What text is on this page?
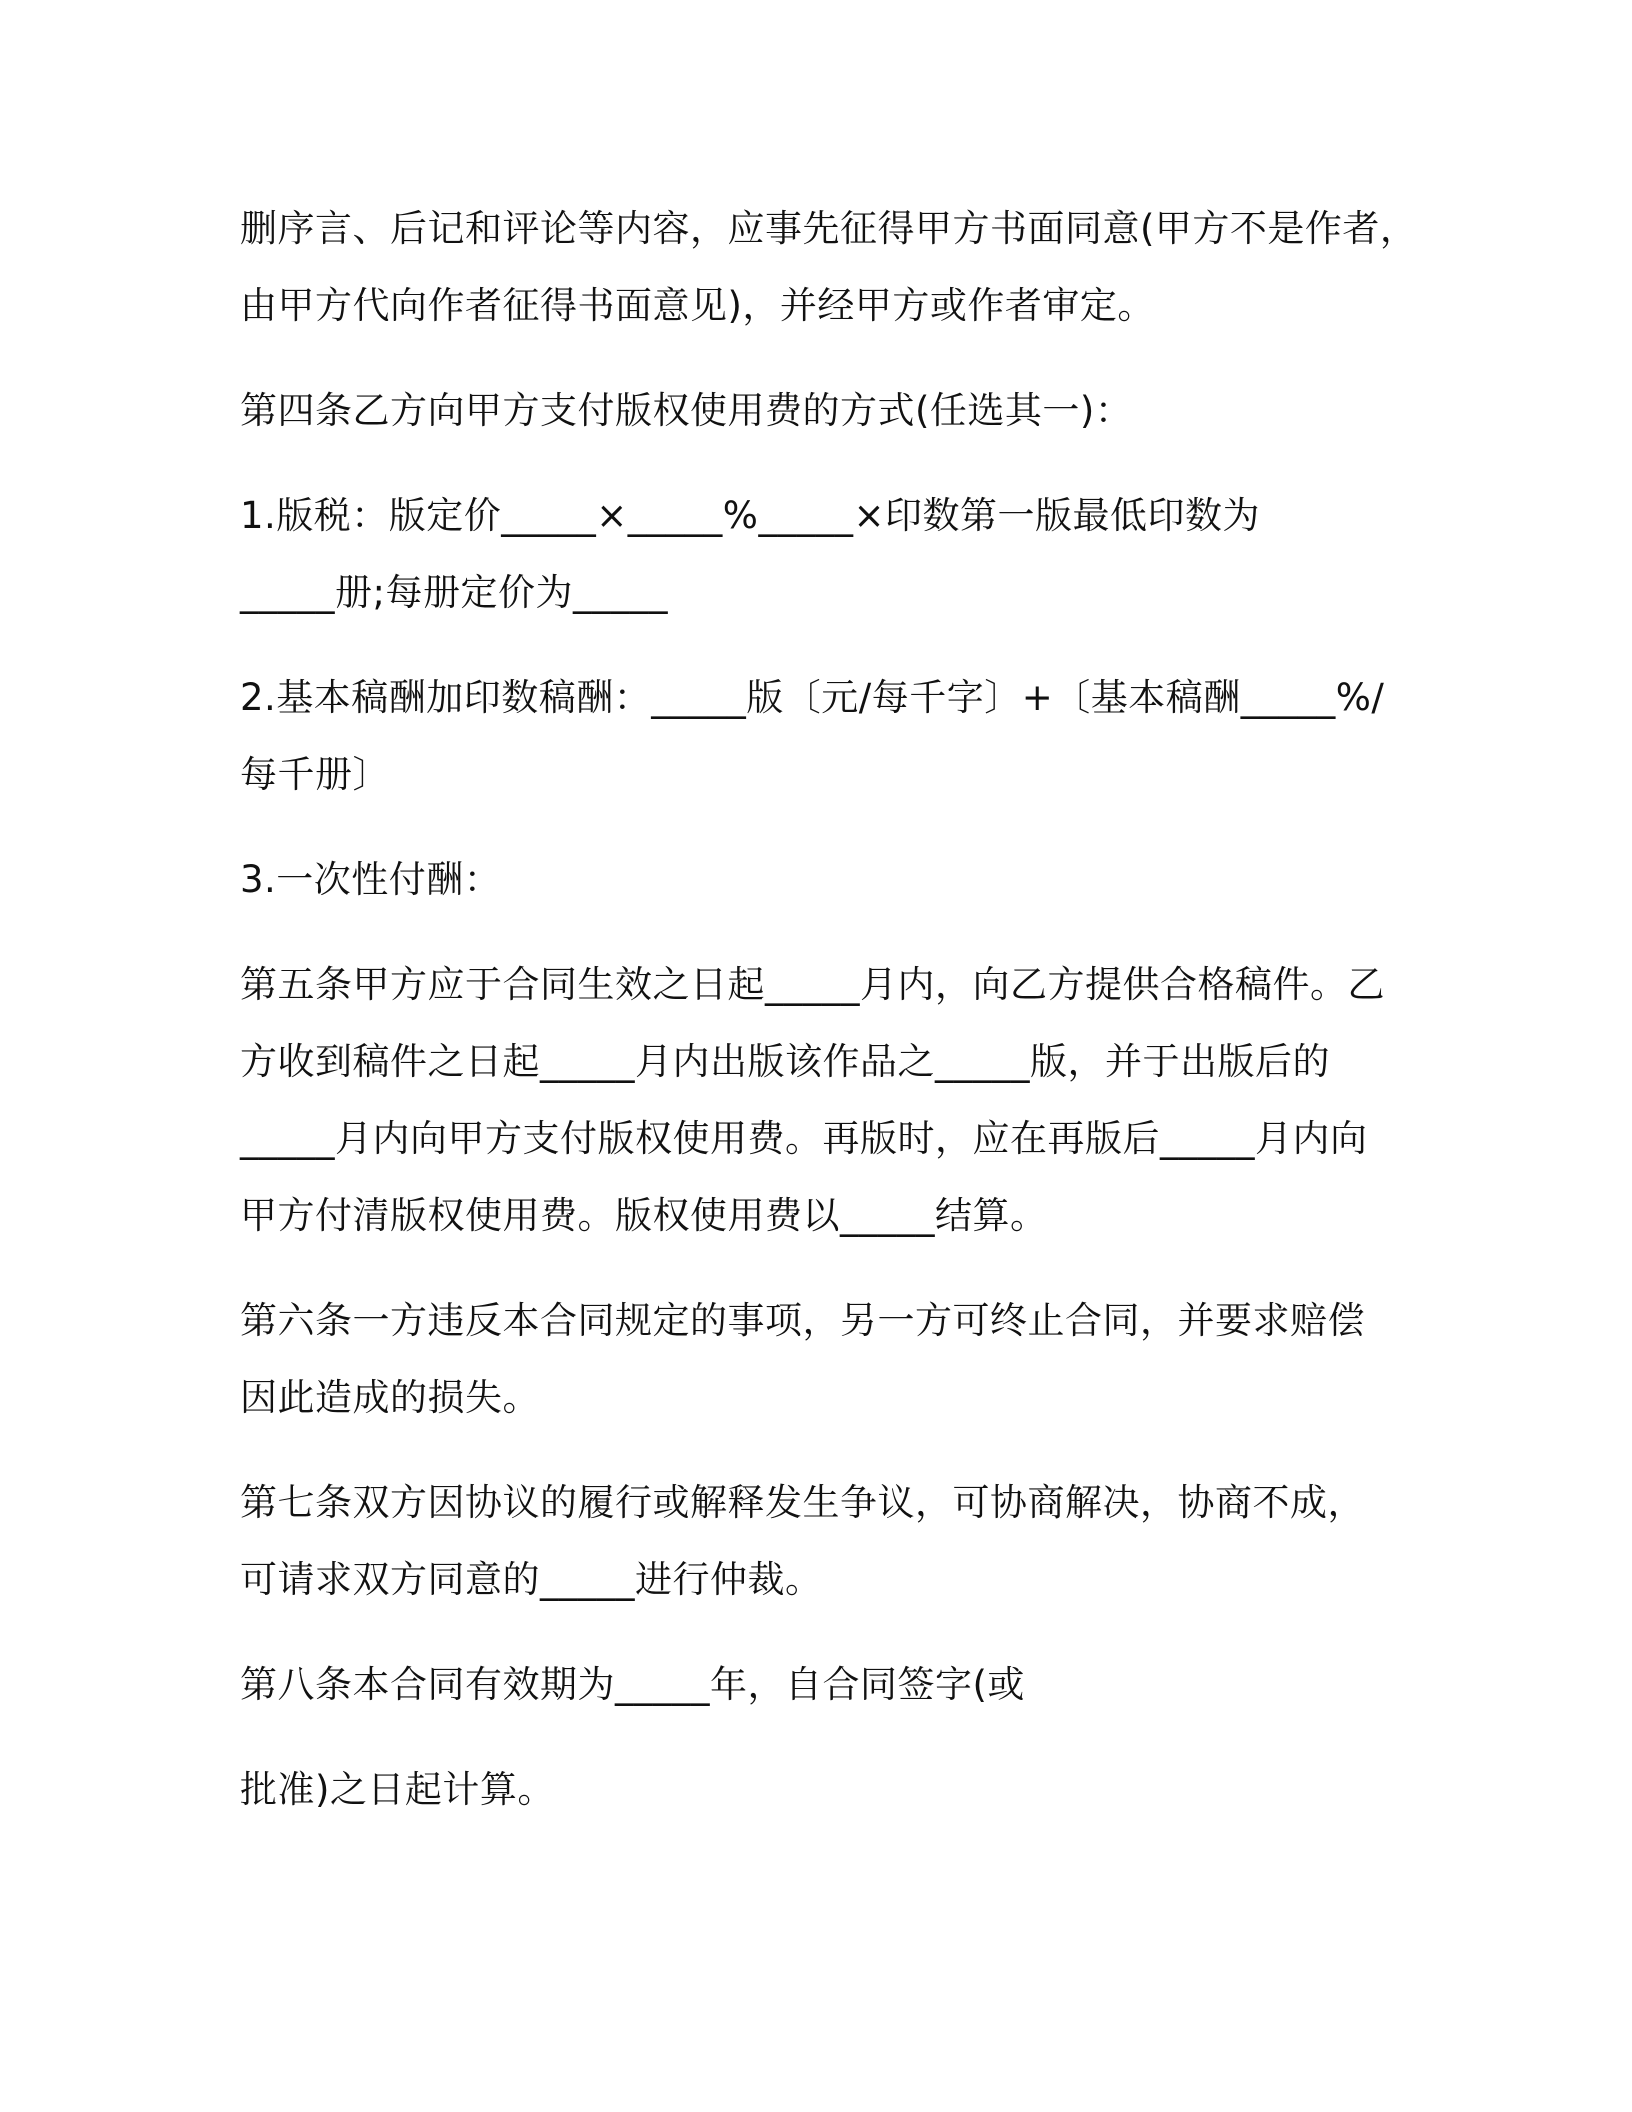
删序言、后记和评论等内容，应事先征得甲方书面同意(甲方不是作者，
由甲方代向作者征得书面意见)，并经甲方或作者审定。

第四条乙方向甲方支付版权使用费的方式(任选其一)：

1.版税：版定价_____×_____%_____×印数第一版最低印数为
_____册;每册定价为_____

2.基本稿酬加印数稿酬：_____版〔元/每千字〕+〔基本稿酬_____%/
每千册〕

3.一次性付酬：

第五条甲方应于合同生效之日起_____月内，向乙方提供合格稿件。乙
方收到稿件之日起_____月内出版该作品之_____版，并于出版后的
_____月内向甲方支付版权使用费。再版时，应在再版后_____月内向
甲方付清版权使用费。版权使用费以_____结算。

第六条一方违反本合同规定的事项，另一方可终止合同，并要求赔偿
因此造成的损失。

第七条双方因协议的履行或解释发生争议，可协商解决，协商不成，
可请求双方同意的_____进行仲裁。

第八条本合同有效期为_____年，自合同签字(或

批准)之日起计算。
